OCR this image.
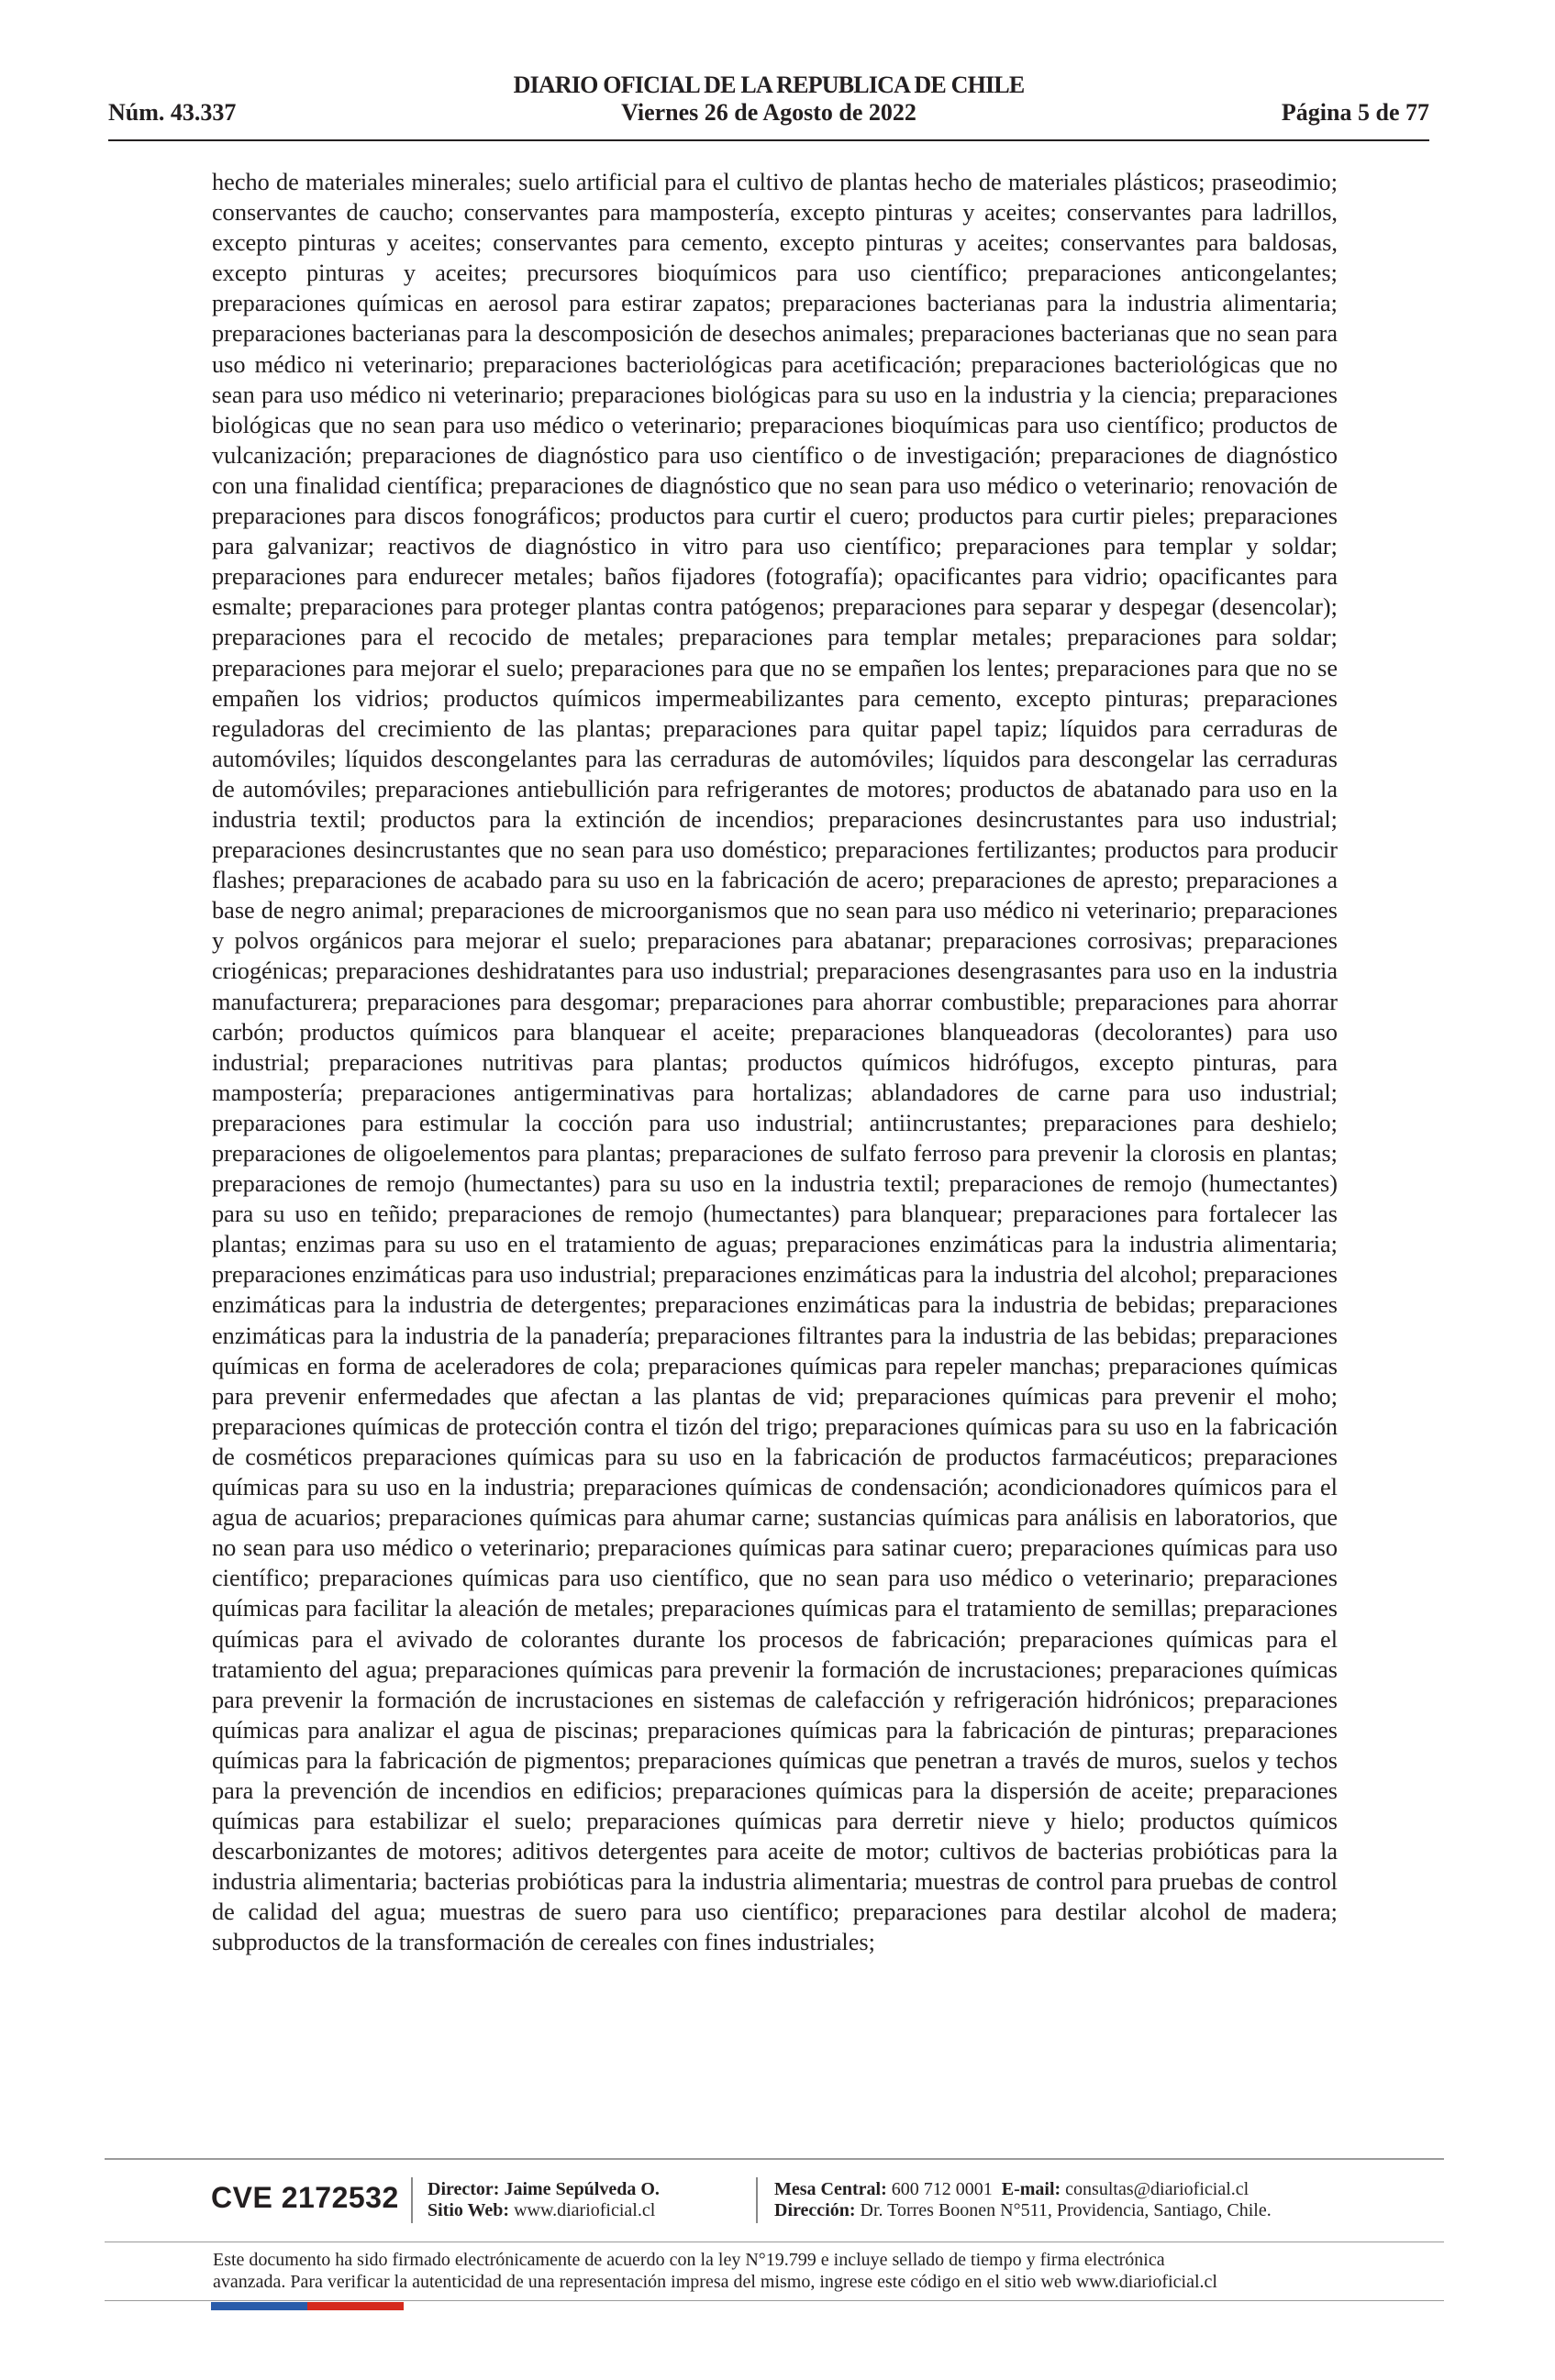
DIARIO OFICIAL DE LA REPUBLICA DE CHILE
Núm. 43.337	Viernes 26 de Agosto de 2022	Página 5 de 77
hecho de materiales minerales; suelo artificial para el cultivo de plantas hecho de materiales plásticos; praseodimio; conservantes de caucho; conservantes para mampostería, excepto pinturas y aceites; conservantes para ladrillos, excepto pinturas y aceites; conservantes para cemento, excepto pinturas y aceites; conservantes para baldosas, excepto pinturas y aceites; precursores bioquímicos para uso científico; preparaciones anticongelantes; preparaciones químicas en aerosol para estirar zapatos; preparaciones bacterianas para la industria alimentaria; preparaciones bacterianas para la descomposición de desechos animales; preparaciones bacterianas que no sean para uso médico ni veterinario; preparaciones bacteriológicas para acetificación; preparaciones bacteriológicas que no sean para uso médico ni veterinario; preparaciones biológicas para su uso en la industria y la ciencia; preparaciones biológicas que no sean para uso médico o veterinario; preparaciones bioquímicas para uso científico; productos de vulcanización; preparaciones de diagnóstico para uso científico o de investigación; preparaciones de diagnóstico con una finalidad científica; preparaciones de diagnóstico que no sean para uso médico o veterinario; renovación de preparaciones para discos fonográficos; productos para curtir el cuero; productos para curtir pieles; preparaciones para galvanizar; reactivos de diagnóstico in vitro para uso científico; preparaciones para templar y soldar; preparaciones para endurecer metales; baños fijadores (fotografía); opacificantes para vidrio; opacificantes para esmalte; preparaciones para proteger plantas contra patógenos; preparaciones para separar y despegar (desencolar); preparaciones para el recocido de metales; preparaciones para templar metales; preparaciones para soldar; preparaciones para mejorar el suelo; preparaciones para que no se empañen los lentes; preparaciones para que no se empañen los vidrios; productos químicos impermeabilizantes para cemento, excepto pinturas; preparaciones reguladoras del crecimiento de las plantas; preparaciones para quitar papel tapiz; líquidos para cerraduras de automóviles; líquidos descongelantes para las cerraduras de automóviles; líquidos para descongelar las cerraduras de automóviles; preparaciones antiebullición para refrigerantes de motores; productos de abatanado para uso en la industria textil; productos para la extinción de incendios; preparaciones desincrustantes para uso industrial; preparaciones desincrustantes que no sean para uso doméstico; preparaciones fertilizantes; productos para producir flashes; preparaciones de acabado para su uso en la fabricación de acero; preparaciones de apresto; preparaciones a base de negro animal; preparaciones de microorganismos que no sean para uso médico ni veterinario; preparaciones y polvos orgánicos para mejorar el suelo; preparaciones para abatanar; preparaciones corrosivas; preparaciones criogénicas; preparaciones deshidratantes para uso industrial; preparaciones desengrasantes para uso en la industria manufacturera; preparaciones para desgomar; preparaciones para ahorrar combustible; preparaciones para ahorrar carbón; productos químicos para blanquear el aceite; preparaciones blanqueadoras (decolorantes) para uso industrial; preparaciones nutritivas para plantas; productos químicos hidrófugos, excepto pinturas, para mampostería; preparaciones antigerminativas para hortalizas; ablandadores de carne para uso industrial; preparaciones para estimular la cocción para uso industrial; antiincrustantes; preparaciones para deshielo; preparaciones de oligoelementos para plantas; preparaciones de sulfato ferroso para prevenir la clorosis en plantas; preparaciones de remojo (humectantes) para su uso en la industria textil; preparaciones de remojo (humectantes) para su uso en teñido; preparaciones de remojo (humectantes) para blanquear; preparaciones para fortalecer las plantas; enzimas para su uso en el tratamiento de aguas; preparaciones enzimáticas para la industria alimentaria; preparaciones enzimáticas para uso industrial; preparaciones enzimáticas para la industria del alcohol; preparaciones enzimáticas para la industria de detergentes; preparaciones enzimáticas para la industria de bebidas; preparaciones enzimáticas para la industria de la panadería; preparaciones filtrantes para la industria de las bebidas; preparaciones químicas en forma de aceleradores de cola; preparaciones químicas para repeler manchas; preparaciones químicas para prevenir enfermedades que afectan a las plantas de vid; preparaciones químicas para prevenir el moho; preparaciones químicas de protección contra el tizón del trigo; preparaciones químicas para su uso en la fabricación de cosméticos preparaciones químicas para su uso en la fabricación de productos farmacéuticos; preparaciones químicas para su uso en la industria; preparaciones químicas de condensación; acondicionadores químicos para el agua de acuarios; preparaciones químicas para ahumar carne; sustancias químicas para análisis en laboratorios, que no sean para uso médico o veterinario; preparaciones químicas para satinar cuero; preparaciones químicas para uso científico; preparaciones químicas para uso científico, que no sean para uso médico o veterinario; preparaciones químicas para facilitar la aleación de metales; preparaciones químicas para el tratamiento de semillas; preparaciones químicas para el avivado de colorantes durante los procesos de fabricación; preparaciones químicas para el tratamiento del agua; preparaciones químicas para prevenir la formación de incrustaciones; preparaciones químicas para prevenir la formación de incrustaciones en sistemas de calefacción y refrigeración hidrónicos; preparaciones químicas para analizar el agua de piscinas; preparaciones químicas para la fabricación de pinturas; preparaciones químicas para la fabricación de pigmentos; preparaciones químicas que penetran a través de muros, suelos y techos para la prevención de incendios en edificios; preparaciones químicas para la dispersión de aceite; preparaciones químicas para estabilizar el suelo; preparaciones químicas para derretir nieve y hielo; productos químicos descarbonizantes de motores; aditivos detergentes para aceite de motor; cultivos de bacterias probióticas para la industria alimentaria; bacterias probióticas para la industria alimentaria; muestras de control para pruebas de control de calidad del agua; muestras de suero para uso científico; preparaciones para destilar alcohol de madera; subproductos de la transformación de cereales con fines industriales;
CVE 2172532 Director: Jaime Sepúlveda O.
Sitio Web: www.diarioficial.cl
Mesa Central: 600 712 0001 E-mail: consultas@diarioficial.cl
Dirección: Dr. Torres Boonen N°511, Providencia, Santiago, Chile.
Este documento ha sido firmado electrónicamente de acuerdo con la ley N°19.799 e incluye sellado de tiempo y firma electrónica
avanzada. Para verificar la autenticidad de una representación impresa del mismo, ingrese este código en el sitio web www.diarioficial.cl
